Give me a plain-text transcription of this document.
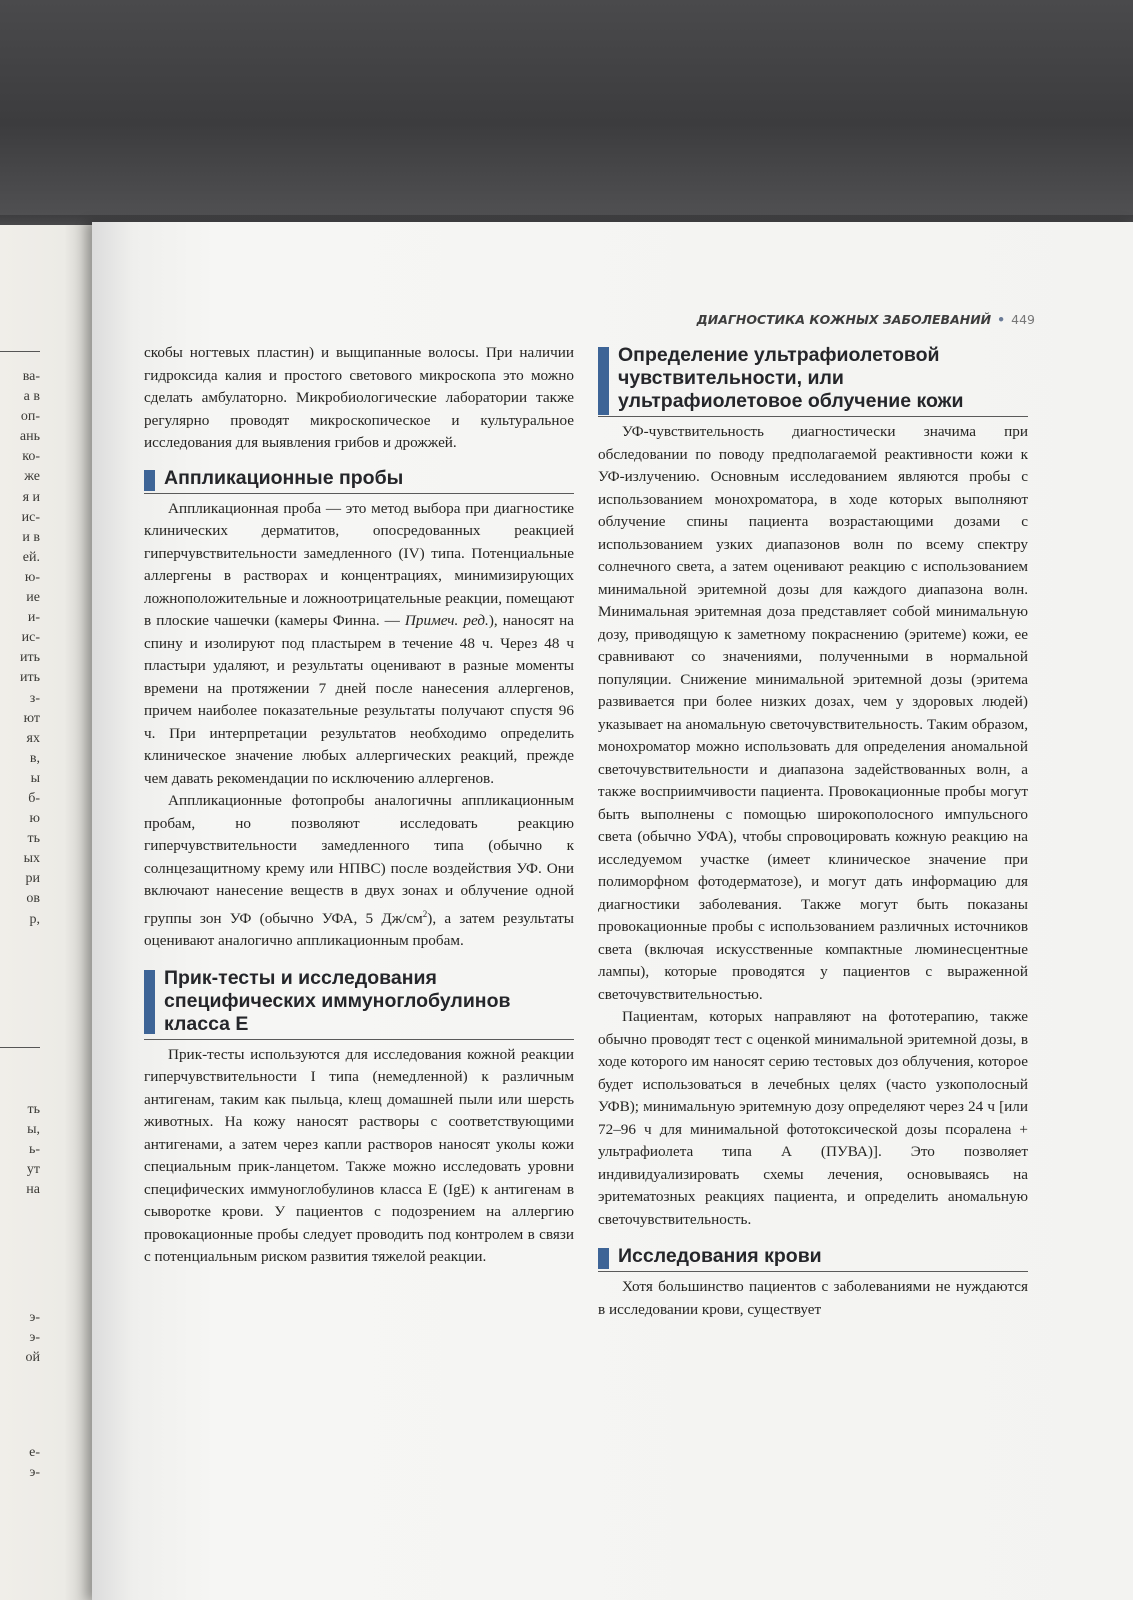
ва-
а в
оп-
ань
ко-
же
я и
ис-
и в
ей.
ю-
ие
и-
ис-
ить
ить
з-
ют
ях
в,
ы
б-
ю
ть
ых
ри
ов
р,
ть
ы,
ь-
ут
на
э-
э-
ой
е-
э-
ДИАГНОСТИКА КОЖНЫХ ЗАБОЛЕВАНИЙ • 449

скобы ногтевых пластин) и выщипанные волосы. При наличии гидроксида калия и простого светового микроскопа это можно сделать амбулаторно. Микробиологические лаборатории также регулярно проводят микроскопическое и культуральное исследования для выявления грибов и дрожжей.

Аппликационные пробы

Аппликационная проба — это метод выбора при диагностике клинических дерматитов, опосредованных реакцией гиперчувствительности замедленного (IV) типа. Потенциальные аллергены в растворах и концентрациях, минимизирующих ложноположительные и ложноотрицательные реакции, помещают в плоские чашечки (камеры Финна. — Примеч. ред.), наносят на спину и изолируют под пластырем в течение 48 ч. Через 48 ч пластыри удаляют, и результаты оценивают в разные моменты времени на протяжении 7 дней после нанесения аллергенов, причем наиболее показательные результаты получают спустя 96 ч. При интерпретации результатов необходимо определить клиническое значение любых аллергических реакций, прежде чем давать рекомендации по исключению аллергенов.

Аппликационные фотопробы аналогичны аппликационным пробам, но позволяют исследовать реакцию гиперчувствительности замедленного типа (обычно к солнцезащитному крему или НПВС) после воздействия УФ. Они включают нанесение веществ в двух зонах и облучение одной группы зон УФ (обычно УФА, 5 $Дж/см^2$), а затем результаты оценивают аналогично аппликационным пробам.

Прик-тесты и исследования специфических иммуноглобулинов класса E

Прик-тесты используются для исследования кожной реакции гиперчувствительности I типа (немедленной) к различным антигенам, таким как пыльца, клещ домашней пыли или шерсть животных. На кожу наносят растворы с соответствующими антигенами, а затем через капли растворов наносят уколы кожи специальным прик-ланцетом. Также можно исследовать уровни специфических иммуноглобулинов класса E (IgE) к антигенам в сыворотке крови. У пациентов с подозрением на аллергию провокационные пробы следует проводить под контролем в связи с потенциальным риском развития тяжелой реакции.

Определение ультрафиолетовой чувствительности, или ультрафиолетовое облучение кожи

УФ-чувствительность диагностически значима при обследовании по поводу предполагаемой реактивности кожи к УФ-излучению. Основным исследованием являются пробы с использованием монохроматора, в ходе которых выполняют облучение спины пациента возрастающими дозами с использованием узких диапазонов волн по всему спектру солнечного света, а затем оценивают реакцию с использованием минимальной эритемной дозы для каждого диапазона волн. Минимальная эритемная доза представляет собой минимальную дозу, приводящую к заметному покраснению (эритеме) кожи, ее сравнивают со значениями, полученными в нормальной популяции. Снижение минимальной эритемной дозы (эритема развивается при более низких дозах, чем у здоровых людей) указывает на аномальную светочувствительность. Таким образом, монохроматор можно использовать для определения аномальной светочувствительности и диапазона задействованных волн, а также восприимчивости пациента. Провокационные пробы могут быть выполнены с помощью широкополосного импульсного света (обычно УФА), чтобы спровоцировать кожную реакцию на исследуемом участке (имеет клиническое значение при полиморфном фотодерматозе), и могут дать информацию для диагностики заболевания. Также могут быть показаны провокационные пробы с использованием различных источников света (включая искусственные компактные люминесцентные лампы), которые проводятся у пациентов с выраженной светочувствительностью.

Пациентам, которых направляют на фототерапию, также обычно проводят тест с оценкой минимальной эритемной дозы, в ходе которого им наносят серию тестовых доз облучения, которое будет использоваться в лечебных целях (часто узкополосный УФВ); минимальную эритемную дозу определяют через 24 ч [или 72–96 ч для минимальной фототоксической дозы псоралена + ультрафиолета типа А (ПУВА)]. Это позволяет индивидуализировать схемы лечения, основываясь на эритематозных реакциях пациента, и определить аномальную светочувствительность.

Исследования крови

Хотя большинство пациентов с заболеваниями не нуждаются в исследовании крови, существует
